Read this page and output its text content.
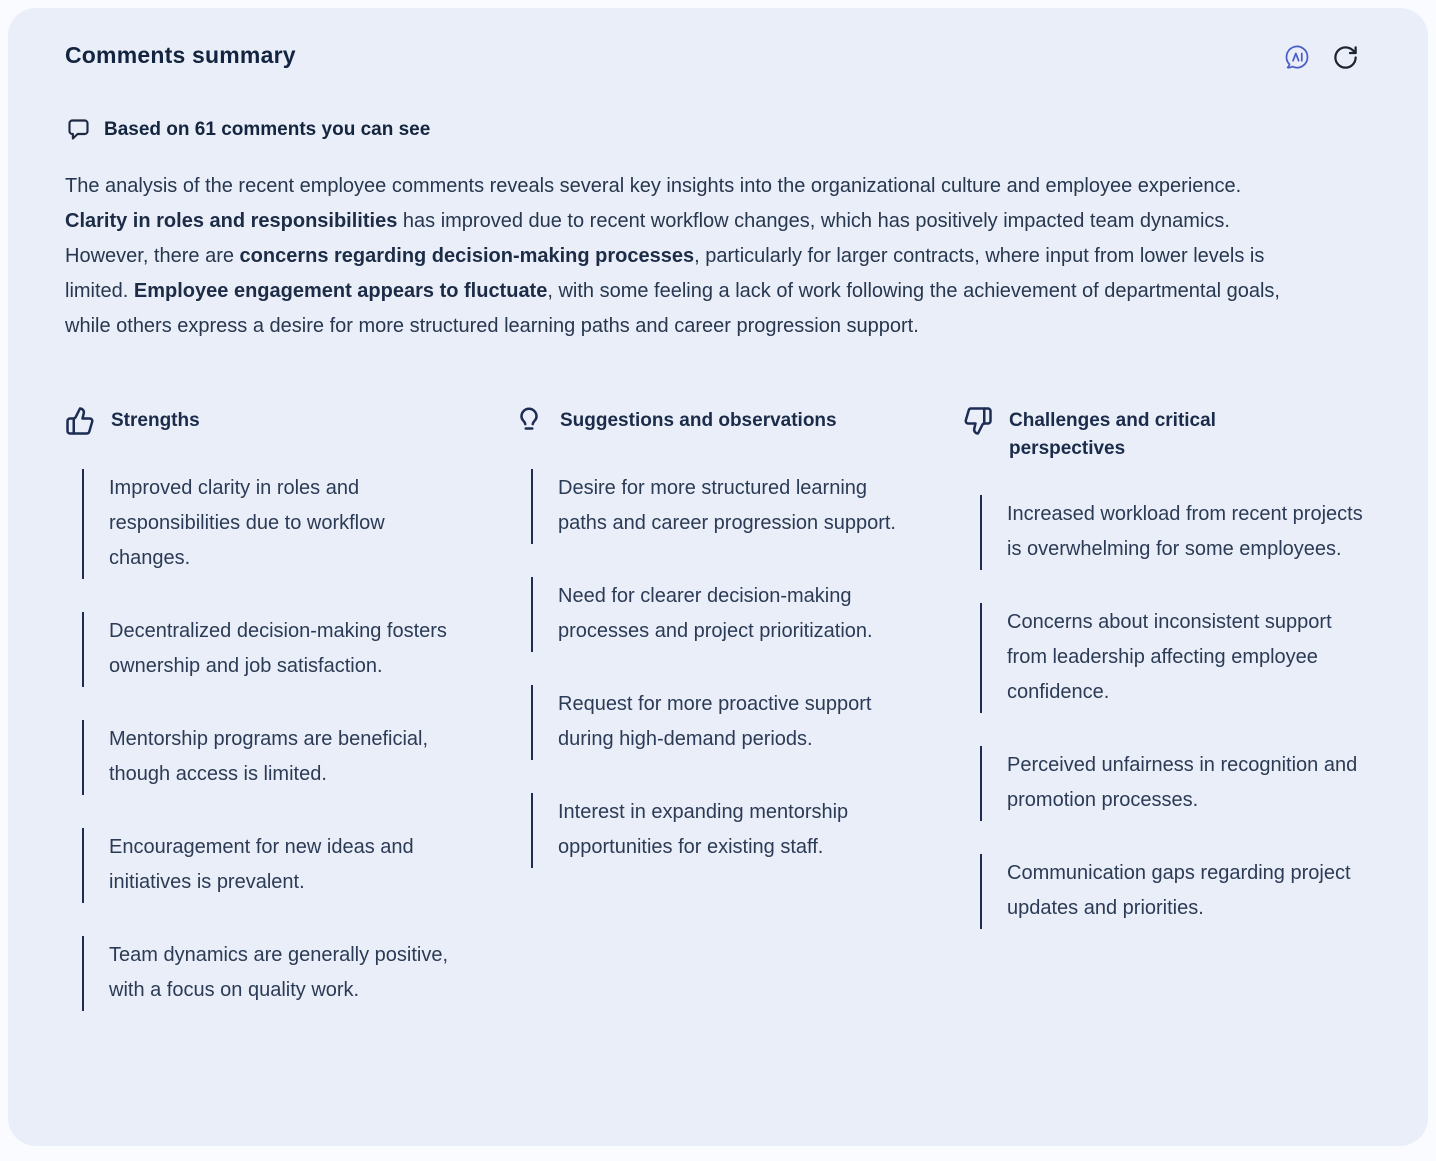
Comments summary
Based on 61 comments you can see

The analysis of the recent employee comments reveals several key insights into the organizational culture and employee experience. Clarity in roles and responsibilities has improved due to recent workflow changes, which has positively impacted team dynamics. However, there are concerns regarding decision-making processes, particularly for larger contracts, where input from lower levels is limited. Employee engagement appears to fluctuate, with some feeling a lack of work following the achievement of departmental goals, while others express a desire for more structured learning paths and career progression support.

Strengths
Improved clarity in roles and responsibilities due to workflow changes.
Decentralized decision-making fosters ownership and job satisfaction.
Mentorship programs are beneficial, though access is limited.
Encouragement for new ideas and initiatives is prevalent.
Team dynamics are generally positive, with a focus on quality work.
Suggestions and observations
Desire for more structured learning paths and career progression support.
Need for clearer decision-making processes and project prioritization.
Request for more proactive support during high-demand periods.
Interest in expanding mentorship opportunities for existing staff.
Challenges and critical perspectives
Increased workload from recent projects is overwhelming for some employees.
Concerns about inconsistent support from leadership affecting employee confidence.
Perceived unfairness in recognition and promotion processes.
Communication gaps regarding project updates and priorities.
